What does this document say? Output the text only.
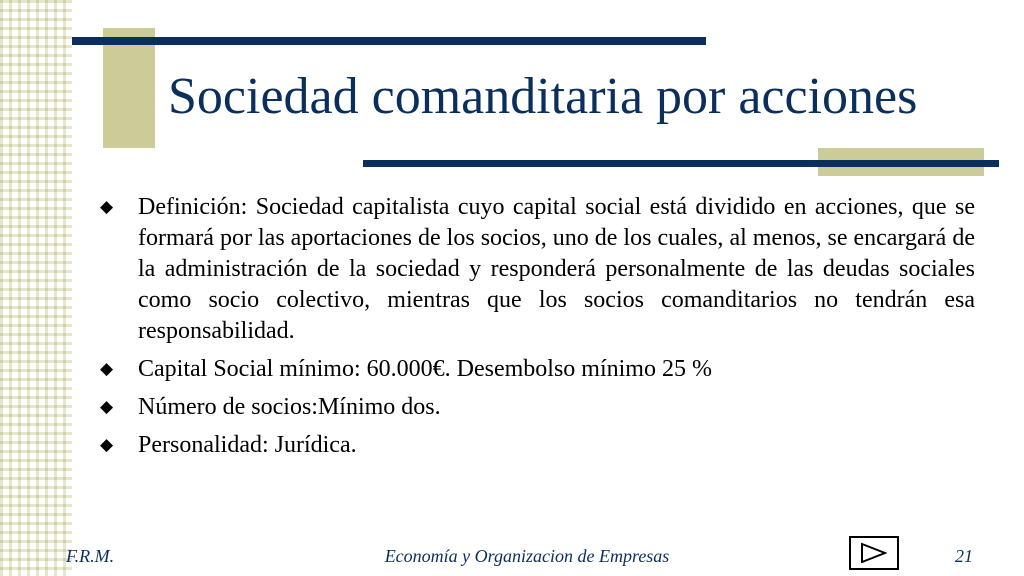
Sociedad comanditaria por acciones
◆ Definición: Sociedad capitalista cuyo capital social está dividido en acciones, que se formará por las aportaciones de los socios, uno de los cuales, al menos, se encargará de la administración de la sociedad y responderá personalmente de las deudas sociales como socio colectivo, mientras que los socios comanditarios no tendrán esa responsabilidad.
◆ Capital Social mínimo: 60.000€. Desembolso mínimo 25 %
◆ Número de socios:Mínimo dos.
◆ Personalidad: Jurídica.
F.R.M.	Economía y Organizacion de Empresas	21
